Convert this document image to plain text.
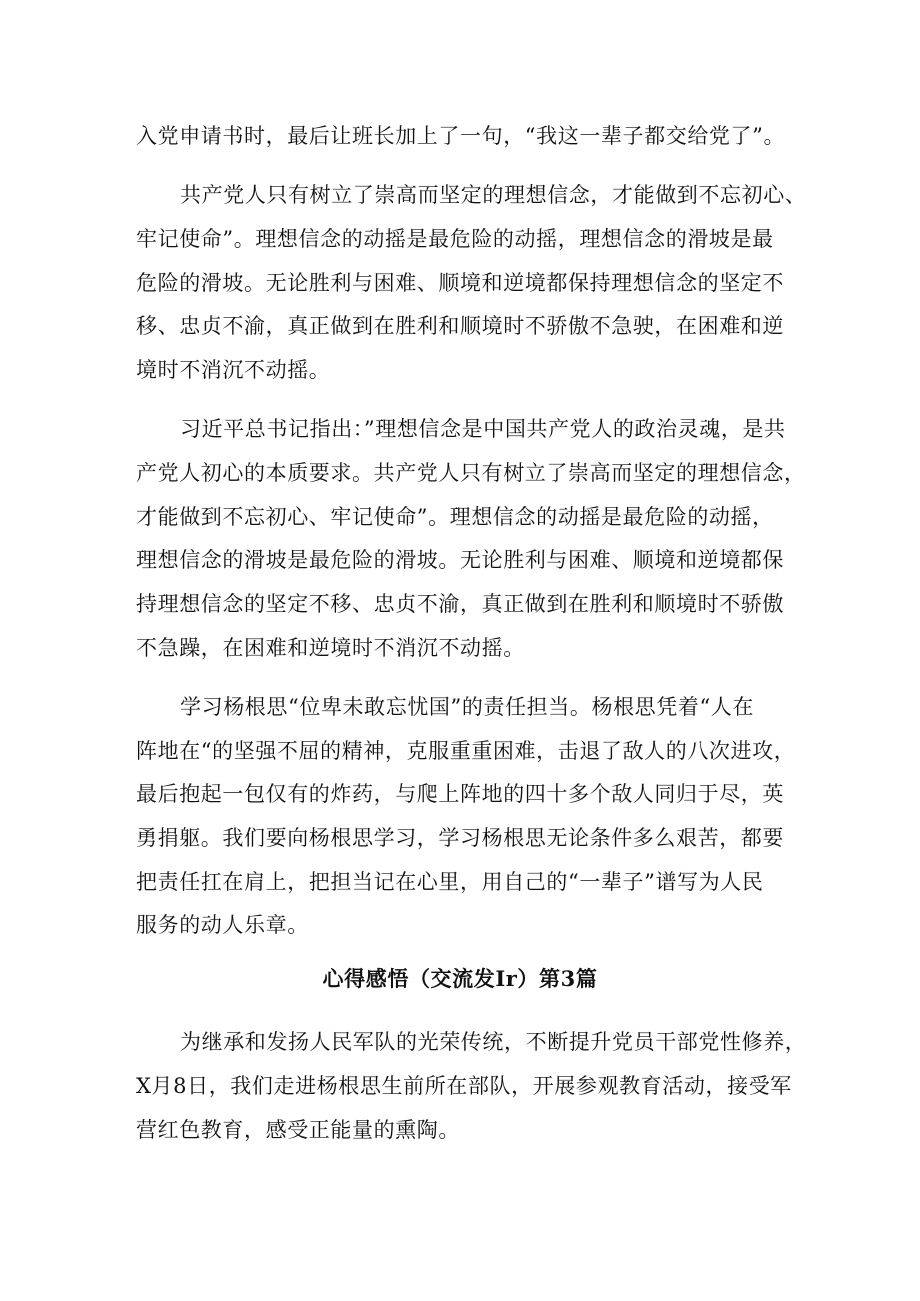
入党申请书时，最后让班长加上了一句，“我这一辈子都交给党了”。
共产党人只有树立了崇高而坚定的理想信念，才能做到不忘初心、
牢记使命”。理想信念的动摇是最危险的动摇，理想信念的滑坡是最
危险的滑坡。无论胜利与困难、顺境和逆境都保持理想信念的坚定不
移、忠贞不渝，真正做到在胜利和顺境时不骄傲不急驶，在困难和逆
境时不消沉不动摇。
习近平总书记指出：”理想信念是中国共产党人的政治灵魂，是共
产党人初心的本质要求。共产党人只有树立了崇高而坚定的理想信念，
才能做到不忘初心、牢记使命”。理想信念的动摇是最危险的动摇，
理想信念的滑坡是最危险的滑坡。无论胜利与困难、顺境和逆境都保
持理想信念的坚定不移、忠贞不渝，真正做到在胜利和顺境时不骄傲
不急躁，在困难和逆境时不消沉不动摇。
学习杨根思“位卑未敢忘忧国”的责任担当。杨根思凭着“人在
阵地在“的坚强不屈的精神，克服重重困难，击退了敌人的八次进攻，
最后抱起一包仅有的炸药，与爬上阵地的四十多个敌人同归于尽，英
勇捐躯。我们要向杨根思学习，学习杨根思无论条件多么艰苦，都要
把责任扛在肩上，把担当记在心里，用自己的“一辈子”谱写为人民
服务的动人乐章。
心得感悟（交流发Ir）第3篇
为继承和发扬人民军队的光荣传统，不断提升党员干部党性修养，
X月8日，我们走进杨根思生前所在部队，开展参观教育活动，接受军
营红色教育，感受正能量的熏陶。
